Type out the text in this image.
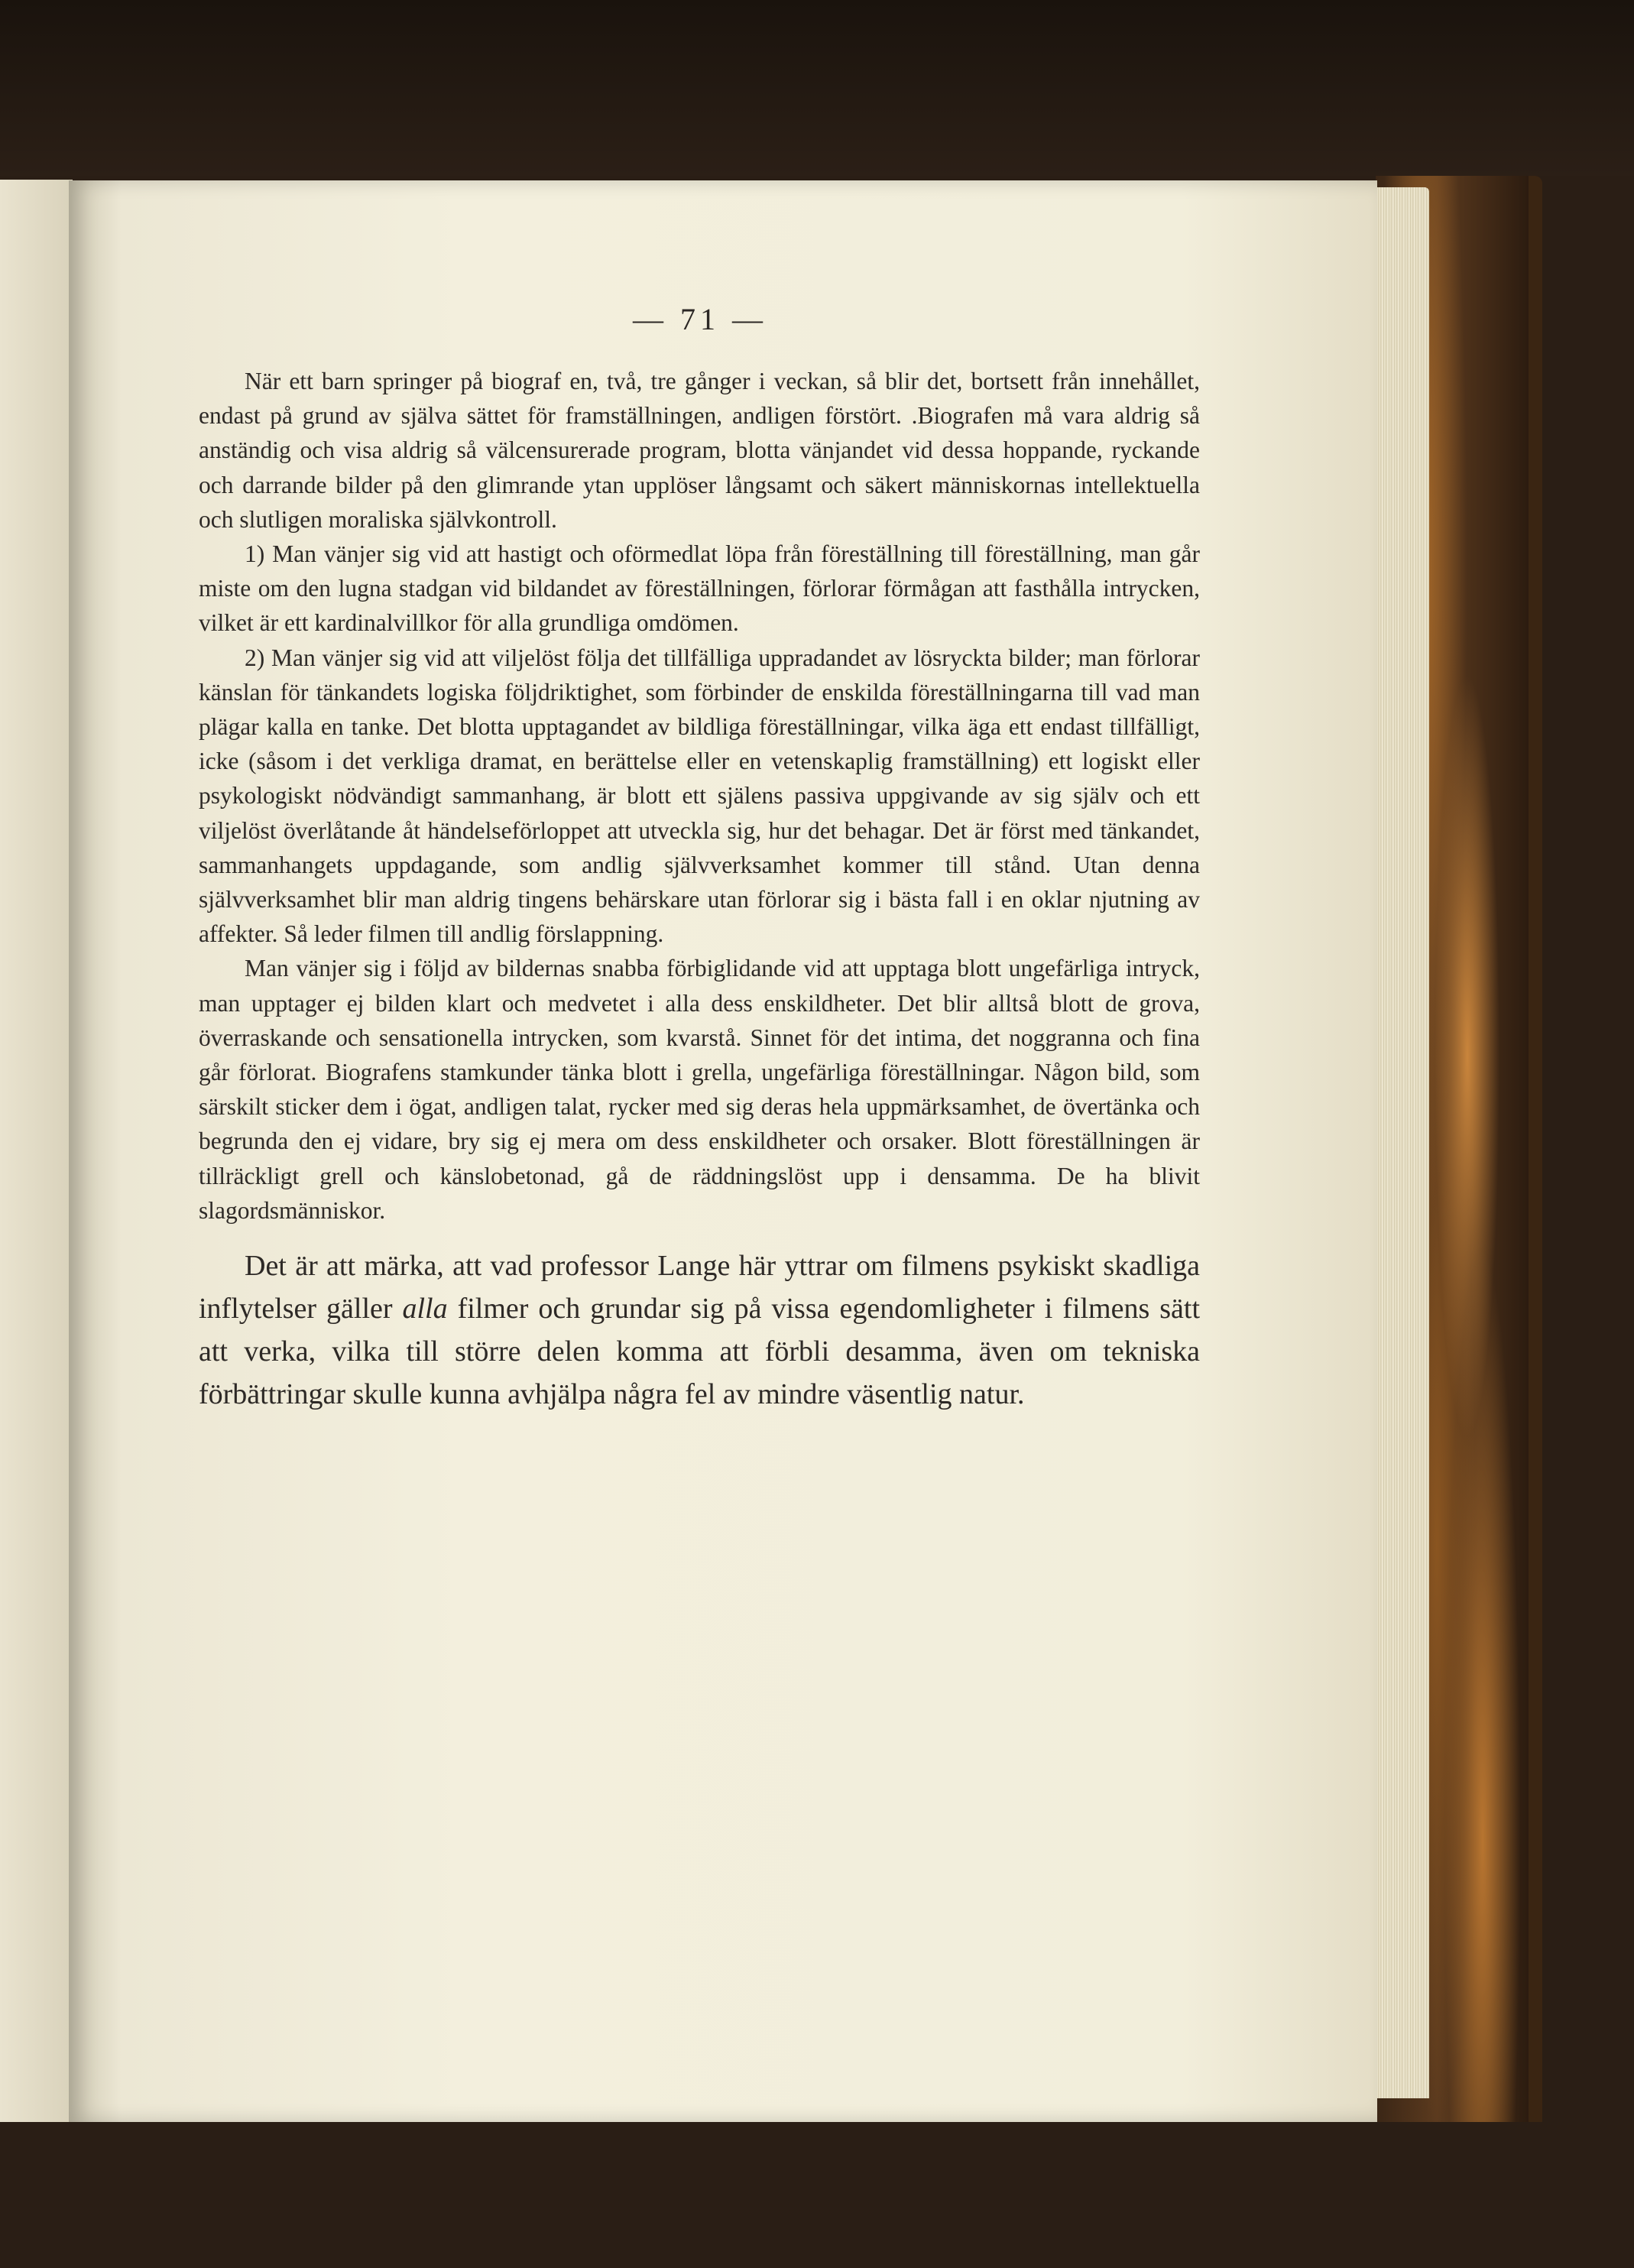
— 71 —

När ett barn springer på biograf en, två, tre gånger i veckan, så blir det, bortsett från innehållet, endast på grund av själva sättet för framställningen, andligen förstört. .Biografen må vara aldrig så anständig och visa aldrig så välcensurerade program, blotta vänjandet vid dessa hoppande, ryckande och darrande bilder på den glimrande ytan upplöser långsamt och säkert människornas intellektuella och slutligen moraliska självkontroll.

1) Man vänjer sig vid att hastigt och oförmedlat löpa från föreställning till föreställning, man går miste om den lugna stadgan vid bildandet av föreställningen, förlorar förmågan att fasthålla intrycken, vilket är ett kardinalvillkor för alla grundliga omdömen.

2) Man vänjer sig vid att viljelöst följa det tillfälliga uppradandet av lösryckta bilder; man förlorar känslan för tänkandets logiska följdriktighet, som förbinder de enskilda föreställningarna till vad man plägar kalla en tanke. Det blotta upptagandet av bildliga föreställningar, vilka äga ett endast tillfälligt, icke (såsom i det verkliga dramat, en berättelse eller en vetenskaplig framställning) ett logiskt eller psykologiskt nödvändigt sammanhang, är blott ett själens passiva uppgivande av sig själv och ett viljelöst överlåtande åt händelseförloppet att utveckla sig, hur det behagar. Det är först med tänkandet, sammanhangets uppdagande, som andlig självverksamhet kommer till stånd. Utan denna självverksamhet blir man aldrig tingens behärskare utan förlorar sig i bästa fall i en oklar njutning av affekter. Så leder filmen till andlig förslappning.

Man vänjer sig i följd av bildernas snabba förbiglidande vid att upptaga blott ungefärliga intryck, man upptager ej bilden klart och medvetet i alla dess enskildheter. Det blir alltså blott de grova, överraskande och sensationella intrycken, som kvarstå. Sinnet för det intima, det noggranna och fina går förlorat. Biografens stamkunder tänka blott i grella, ungefärliga föreställningar. Någon bild, som särskilt sticker dem i ögat, andligen talat, rycker med sig deras hela uppmärksamhet, de övertänka och begrunda den ej vidare, bry sig ej mera om dess enskildheter och orsaker. Blott föreställningen är tillräckligt grell och känslobetonad, gå de räddningslöst upp i densamma. De ha blivit slagordsmänniskor.

Det är att märka, att vad professor Lange här yttrar om filmens psykiskt skadliga inflytelser gäller alla filmer och grundar sig på vissa egendomligheter i filmens sätt att verka, vilka till större delen komma att förbli desamma, även om tekniska förbättringar skulle kunna avhjälpa några fel av mindre väsentlig natur.
